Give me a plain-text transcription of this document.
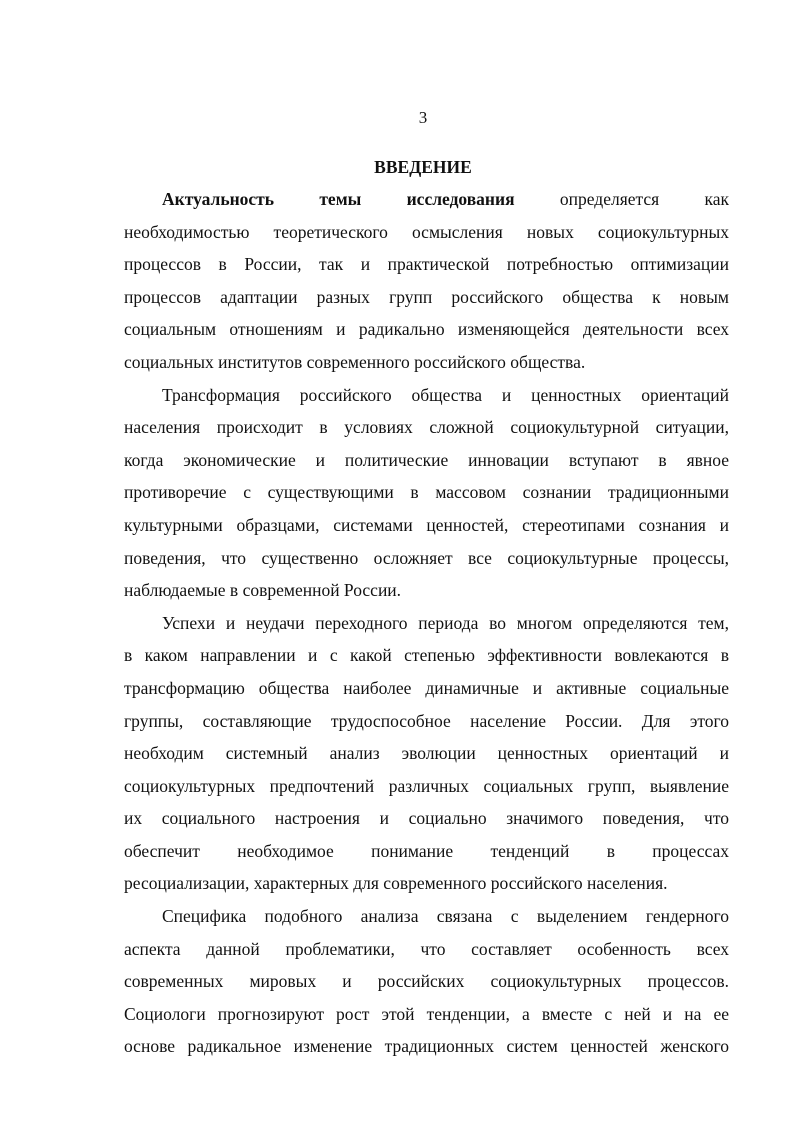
3
ВВЕДЕНИЕ
Актуальность темы исследования	определяется как
необходимостью теоретического осмысления новых социокультурных
процессов в России, так и практической потребностью оптимизации
процессов адаптации разных групп российского общества к новым
социальным отношениям и радикально изменяющейся деятельности всех
социальных институтов современного российского общества.
Трансформация российского общества и ценностных ориентаций
населения происходит в условиях сложной социокультурной ситуации,
когда экономические и политические инновации вступают в явное
противоречие с существующими в массовом сознании традиционными
культурными образцами, системами ценностей, стереотипами сознания и
поведения, что существенно осложняет все социокультурные процессы,
наблюдаемые в современной России.
Успехи и неудачи переходного периода во многом определяются тем,
в каком направлении и с какой степенью эффективности вовлекаются в
трансформацию общества наиболее динамичные и активные социальные
группы, составляющие трудоспособное население России. Для этого
необходим системный анализ эволюции ценностных ориентаций и
социокультурных предпочтений различных социальных групп, выявление
их социального настроения и социально значимого поведения, что
обеспечит необходимое понимание тенденций в процессах
ресоциализации, характерных для современного российского населения.
Специфика подобного анализа связана с выделением гендерного
аспекта данной проблематики, что составляет особенность всех
современных мировых и российских социокультурных процессов.
Социологи прогнозируют рост этой тенденции, а вместе с ней и на ее
основе радикальное изменение традиционных систем ценностей женского
